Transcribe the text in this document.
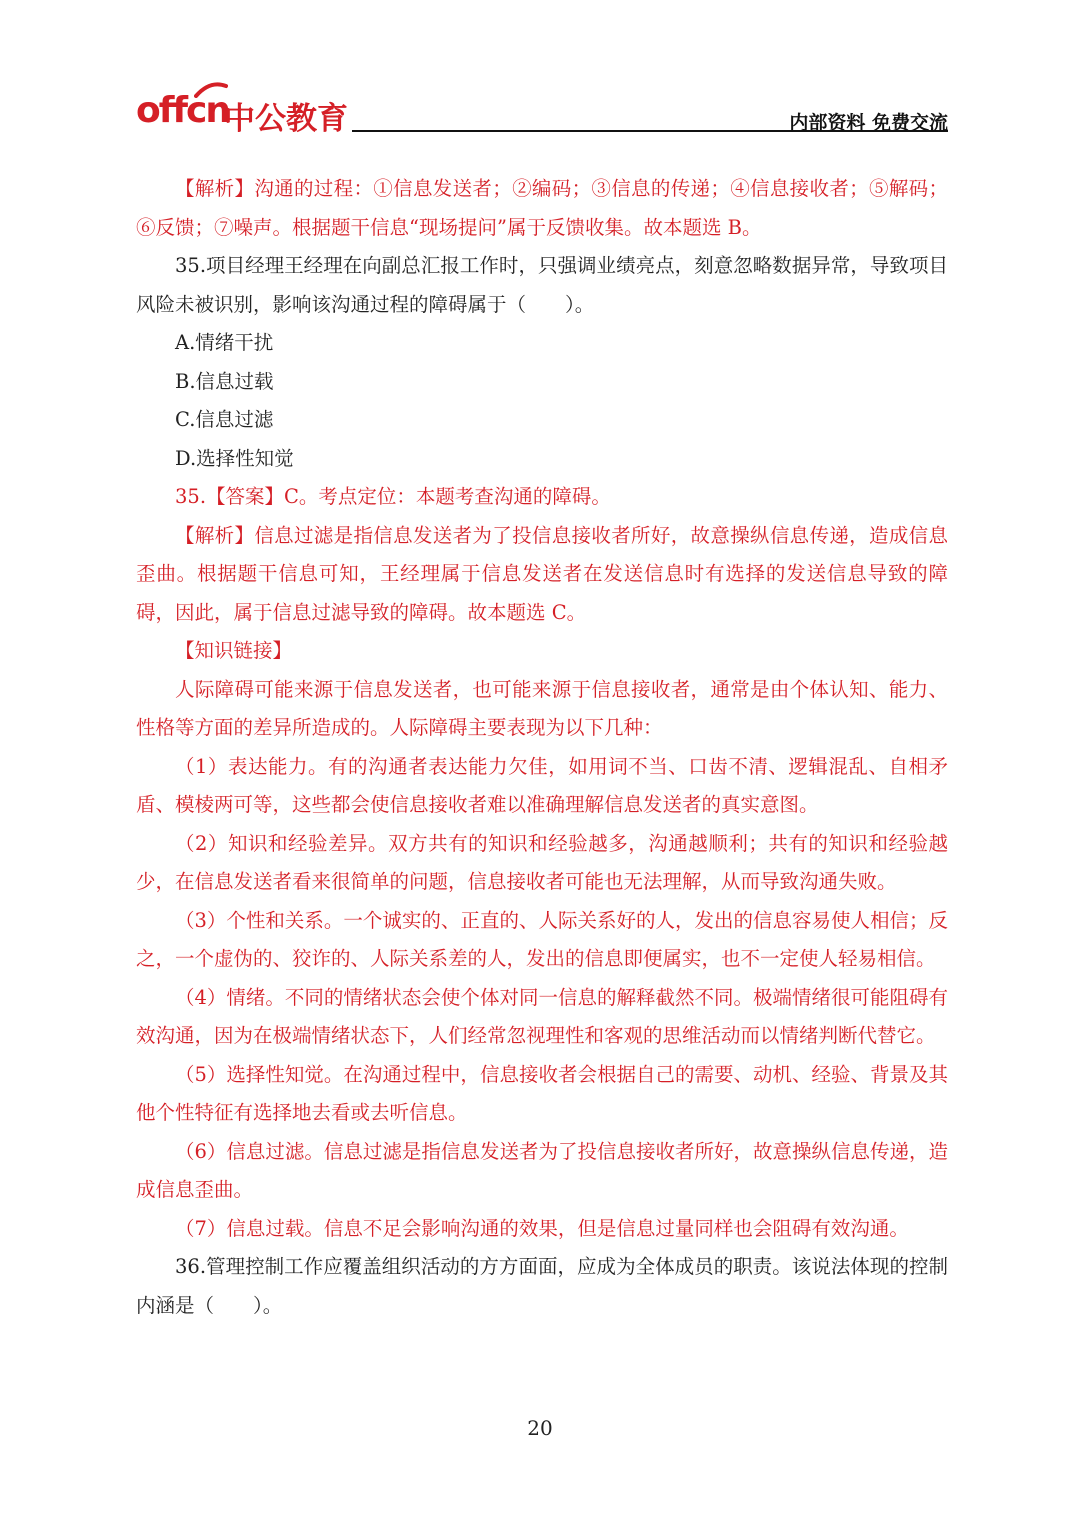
offcn
中公教育	内部资料 免费交流

【解析】沟通的过程：①信息发送者；②编码；③信息的传递；④信息接收者；⑤解码；⑥反馈；⑦噪声。根据题干信息“现场提问”属于反馈收集。故本题选 B。

35.项目经理王经理在向副总汇报工作时，只强调业绩亮点，刻意忽略数据异常，导致项目风险未被识别，影响该沟通过程的障碍属于（　　）。

A.情绪干扰
B.信息过载
C.信息过滤
D.选择性知觉

35.【答案】C。考点定位：本题考查沟通的障碍。

【解析】信息过滤是指信息发送者为了投信息接收者所好，故意操纵信息传递，造成信息歪曲。根据题干信息可知，王经理属于信息发送者在发送信息时有选择的发送信息导致的障碍，因此，属于信息过滤导致的障碍。故本题选 C。

【知识链接】

人际障碍可能来源于信息发送者，也可能来源于信息接收者，通常是由个体认知、能力、性格等方面的差异所造成的。人际障碍主要表现为以下几种：

（1）表达能力。有的沟通者表达能力欠佳，如用词不当、口齿不清、逻辑混乱、自相矛盾、模棱两可等，这些都会使信息接收者难以准确理解信息发送者的真实意图。

（2）知识和经验差异。双方共有的知识和经验越多，沟通越顺利；共有的知识和经验越少，在信息发送者看来很简单的问题，信息接收者可能也无法理解，从而导致沟通失败。

（3）个性和关系。一个诚实的、正直的、人际关系好的人，发出的信息容易使人相信；反之，一个虚伪的、狡诈的、人际关系差的人，发出的信息即便属实，也不一定使人轻易相信。

（4）情绪。不同的情绪状态会使个体对同一信息的解释截然不同。极端情绪很可能阻碍有效沟通，因为在极端情绪状态下，人们经常忽视理性和客观的思维活动而以情绪判断代替它。

（5）选择性知觉。在沟通过程中，信息接收者会根据自己的需要、动机、经验、背景及其他个性特征有选择地去看或去听信息。

（6）信息过滤。信息过滤是指信息发送者为了投信息接收者所好，故意操纵信息传递，造成信息歪曲。

（7）信息过载。信息不足会影响沟通的效果，但是信息过量同样也会阻碍有效沟通。

36.管理控制工作应覆盖组织活动的方方面面，应成为全体成员的职责。该说法体现的控制内涵是（　　）。

20
